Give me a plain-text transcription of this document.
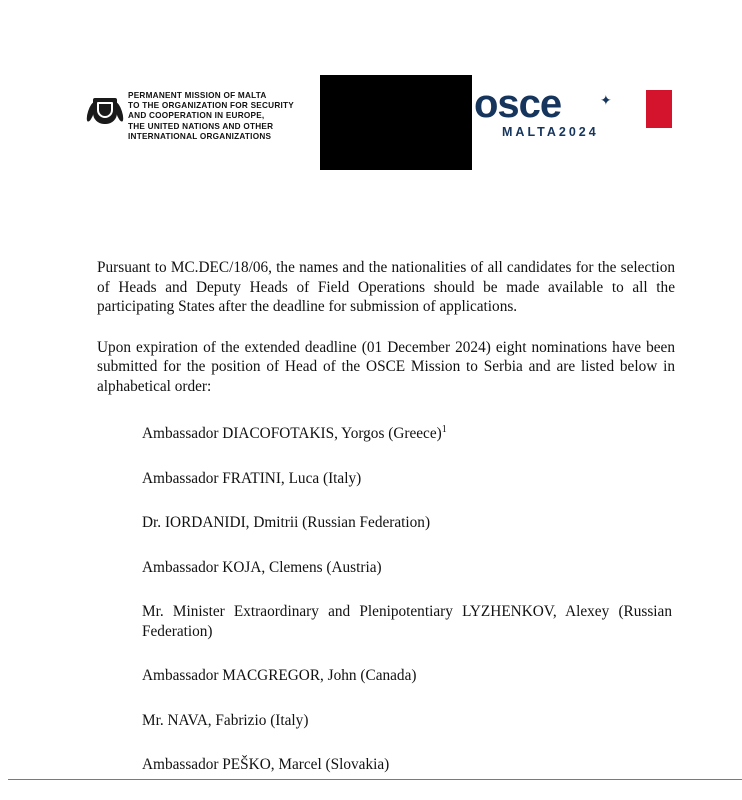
PERMANENT MISSION OF MALTA
TO THE ORGANIZATION FOR SECURITY
AND COOPERATION IN EUROPE,
THE UNITED NATIONS AND OTHER
INTERNATIONAL ORGANIZATIONS
osce	✦
MALTA2024

Pursuant to MC.DEC/18/06, the names and the nationalities of all candidates for the selection of Heads and Deputy Heads of Field Operations should be made available to all the participating States after the deadline for submission of applications.

Upon expiration of the extended deadline (01 December 2024) eight nominations have been submitted for the position of Head of the OSCE Mission to Serbia and are listed below in alphabetical order:

Ambassador DIACOFOTAKIS, Yorgos (Greece)$^1$

Ambassador FRATINI, Luca (Italy)

Dr. IORDANIDI, Dmitrii (Russian Federation)

Ambassador KOJA, Clemens (Austria)

Mr. Minister Extraordinary and Plenipotentiary LYZHENKOV, Alexey (Russian Federation)

Ambassador MACGREGOR, John (Canada)

Mr. NAVA, Fabrizio (Italy)

Ambassador PEŠKO, Marcel (Slovakia)
